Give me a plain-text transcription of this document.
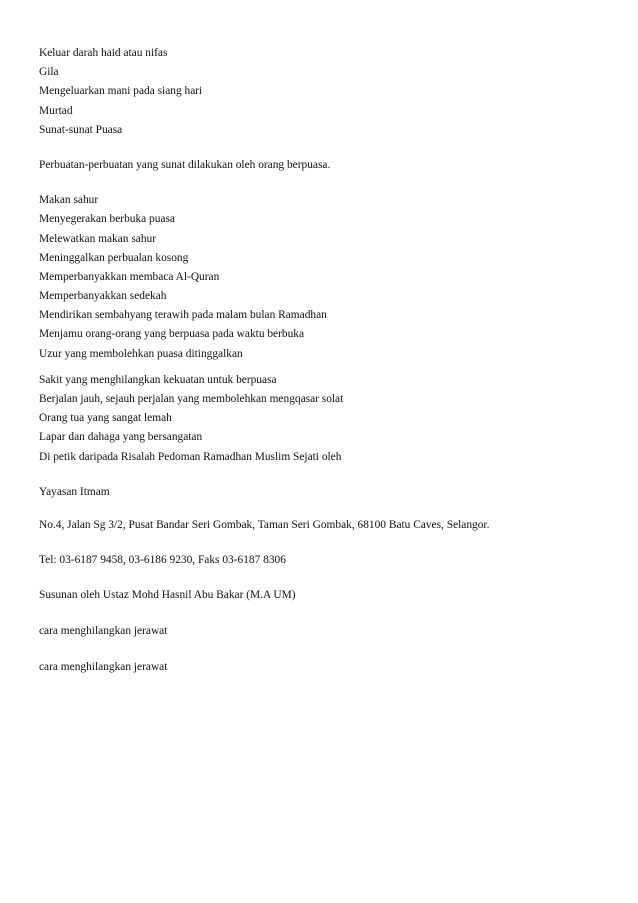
Keluar darah haid atau nifas
Gila
Mengeluarkan mani pada siang hari
Murtad
Sunat-sunat Puasa
Perbuatan-perbuatan yang sunat dilakukan oleh orang berpuasa.
Makan sahur
Menyegerakan berbuka puasa
Melewatkan makan sahur
Meninggalkan perbualan kosong
Memperbanyakkan membaca Al-Quran
Memperbanyakkan sedekah
Mendirikan sembahyang terawih pada malam bulan Ramadhan
Menjamu orang-orang yang berpuasa pada waktu berbuka
Uzur yang membolehkan puasa ditinggalkan
Sakit yang menghilangkan kekuatan untuk berpuasa
Berjalan jauh, sejauh perjalan yang membolehkan mengqasar solat
Orang tua yang sangat lemah
Lapar dan dahaga yang bersangatan
Di petik daripada Risalah Pedoman Ramadhan Muslim Sejati oleh
Yayasan Itmam
No.4, Jalan Sg 3/2, Pusat Bandar Seri Gombak, Taman Seri Gombak, 68100 Batu Caves, Selangor.
Tel: 03-6187 9458, 03-6186 9230, Faks 03-6187 8306
Susunan oleh Ustaz Mohd Hasnil Abu Bakar (M.A UM)
cara menghilangkan jerawat
cara menghilangkan jerawat
